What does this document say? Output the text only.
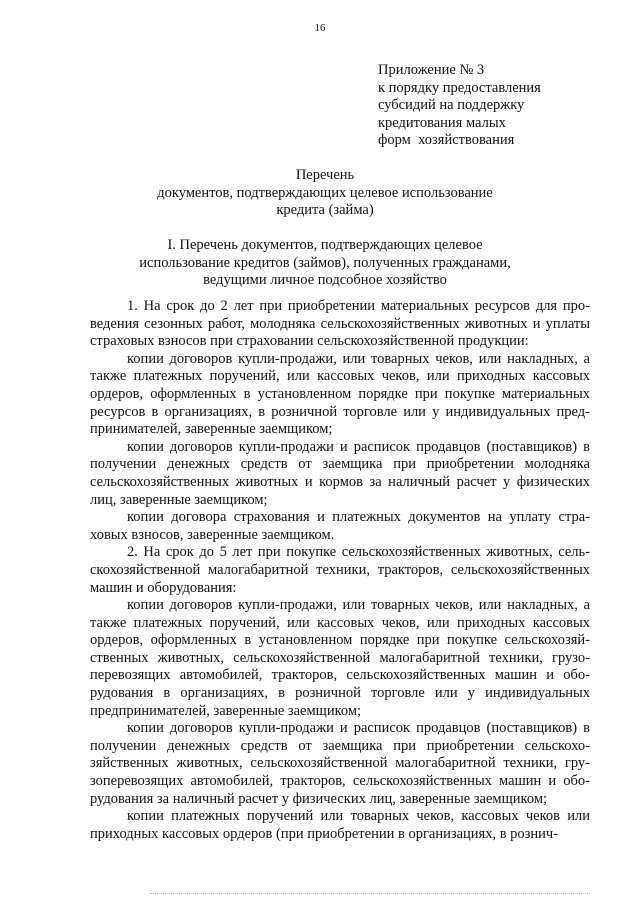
16
Приложение № 3
к порядку предоставления
субсидий на поддержку
кредитования малых
форм  хозяйствования
Перечень
документов, подтверждающих целевое использование
кредита (займа)
I. Перечень документов, подтверждающих целевое
использование кредитов (займов), полученных гражданами,
ведущими личное подсобное хозяйство

1. На срок до 2 лет при приобретении материальных ресурсов для проведения сезонных работ, молодняка сельскохозяйственных животных и уплаты страховых взносов при страховании сельскохозяйственной продукции:

копии договоров купли-продажи, или товарных чеков, или накладных, а также платежных поручений, или кассовых чеков, или приходных кассовых ордеров, оформленных в установленном порядке при покупке материальных ресурсов в организациях, в розничной торговле или у индивидуальных предпринимателей, заверенные заемщиком;

копии договоров купли-продажи и расписок продавцов (поставщиков) в получении денежных средств от заемщика при приобретении молодняка сельскохозяйственных животных и кормов за наличный расчет у физических лиц, заверенные заемщиком;

копии договора страхования и платежных документов на уплату страховых взносов, заверенные заемщиком.

2. На срок до 5 лет при покупке сельскохозяйственных животных, сельскохозяйственной малогабаритной техники, тракторов, сельскохозяйственных машин и оборудования:

копии договоров купли-продажи, или товарных чеков, или накладных, а также платежных поручений, или кассовых чеков, или приходных кассовых ордеров, оформленных в установленном порядке при покупке сельскохозяйственных животных, сельскохозяйственной малогабаритной техники, грузоперевозящих автомобилей, тракторов, сельскохозяйственных машин и оборудования в организациях, в розничной торговле или у индивидуальных предпринимателей, заверенные заемщиком;

копии договоров купли-продажи и расписок продавцов (поставщиков) в получении денежных средств от заемщика при приобретении сельскохозяйственных животных, сельскохозяйственной малогабаритной техники, грузоперевозящих автомобилей, тракторов, сельскохозяйственных машин и оборудования за наличный расчет у физических лиц, заверенные заемщиком;

копии платежных поручений или товарных чеков, кассовых чеков или приходных кассовых ордеров (при приобретении в организациях, в рознич-
